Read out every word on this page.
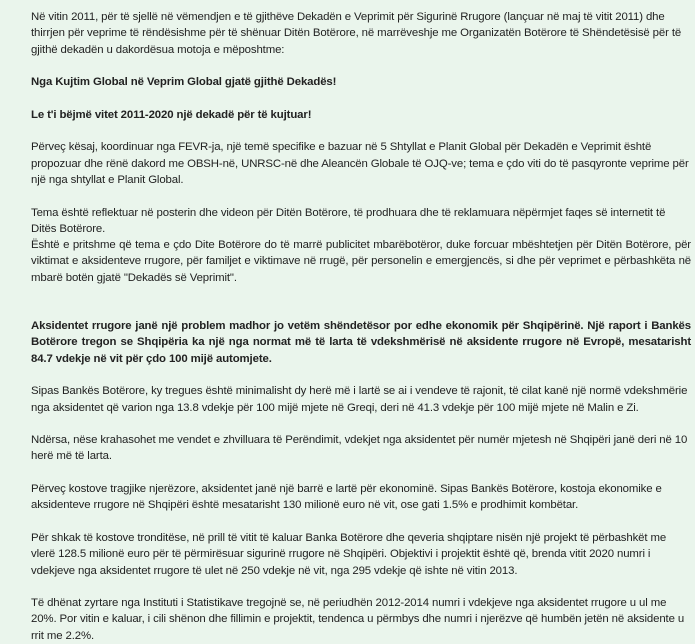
Në vitin 2011, për të sjellë në vëmendjen e të gjithëve Dekadën e Veprimit për Sigurinë Rrugore (lançuar në maj të vitit 2011) dhe thirrjen për veprime të rëndësishme për të shënuar Ditën Botërore, në marrëveshje me Organizatën Botërore të Shëndetësisë për të gjithë dekadën u dakordësua motoja e mëposhtme:

Nga Kujtim Global në Veprim Global gjatë gjithë Dekadës!

Le t'i bëjmë vitet 2011-2020 një dekadë për të kujtuar!

Përveç kësaj, koordinuar nga FEVR-ja, një temë specifike e bazuar në 5 Shtyllat e Planit Global për Dekadën e Veprimit është propozuar dhe rënë dakord me OBSH-në, UNRSC-në dhe Aleancën Globale të OJQ-ve; tema e çdo viti do të pasqyronte veprime për një nga shtyllat e Planit Global.

Tema është reflektuar në posterin dhe videon për Ditën Botërore, të prodhuara dhe të reklamuara nëpërmjet faqes së internetit të Ditës Botërore.

Është e pritshme që tema e çdo Dite Botërore do të marrë publicitet mbarëbotëror, duke forcuar mbështetjen për Ditën Botërore, për viktimat e aksidenteve rrugore, për familjet e viktimave në rrugë, për personelin e emergjencës, si dhe për veprimet e përbashkëta në mbarë botën gjatë "Dekadës së Veprimit".

Aksidentet rrugore janë një problem madhor jo vetëm shëndetësor por edhe ekonomik për Shqipërinë. Një raport i Bankës Botërore tregon se Shqipëria ka një nga normat më të larta të vdekshmërisë në aksidente rrugore në Evropë, mesatarisht 84.7 vdekje në vit për çdo 100 mijë automjete.

Sipas Bankës Botërore, ky tregues është minimalisht dy herë më i lartë se ai i vendeve të rajonit, të cilat kanë një normë vdekshmërie nga aksidentet që varion nga 13.8 vdekje për 100 mijë mjete në Greqi, deri në 41.3 vdekje për 100 mijë mjete në Malin e Zi.

Ndërsa, nëse krahasohet me vendet e zhvilluara të Perëndimit, vdekjet nga aksidentet për numër mjetesh në Shqipëri janë deri në 10 herë më të larta.

Përveç kostove tragjike njerëzore, aksidentet janë një barrë e lartë për ekonominë. Sipas Bankës Botërore, kostoja ekonomike e aksidenteve rrugore në Shqipëri është mesatarisht 130 milionë euro në vit, ose gati 1.5% e prodhimit kombëtar.

Për shkak të kostove tronditëse, në prill të vitit të kaluar Banka Botërore dhe qeveria shqiptare nisën një projekt të përbashkët me vlerë 128.5 milionë euro për të përmirësuar sigurinë rrugore në Shqipëri. Objektivi i projektit është që, brenda vitit 2020 numri i vdekjeve nga aksidentet rrugore të ulet në 250 vdekje në vit, nga 295 vdekje që ishte në vitin 2013.

Të dhënat zyrtare nga Instituti i Statistikave tregojnë se, në periudhën 2012-2014 numri i vdekjeve nga aksidentet rrugore u ul me 20%. Por vitin e kaluar, i cili shënon dhe fillimin e projektit, tendenca u përmbys dhe numri i njerëzve që humbën jetën në aksidente u rrit me 2.2%.
